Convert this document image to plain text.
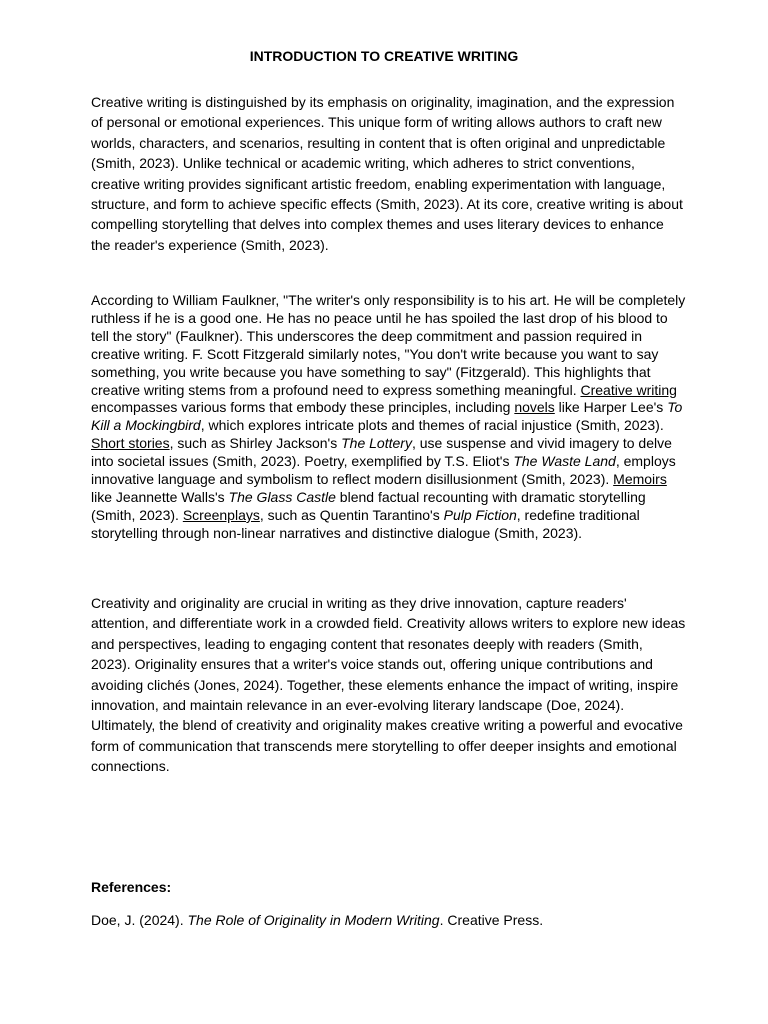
INTRODUCTION TO CREATIVE WRITING

Creative writing is distinguished by its emphasis on originality, imagination, and the expression of personal or emotional experiences. This unique form of writing allows authors to craft new worlds, characters, and scenarios, resulting in content that is often original and unpredictable (Smith, 2023). Unlike technical or academic writing, which adheres to strict conventions, creative writing provides significant artistic freedom, enabling experimentation with language, structure, and form to achieve specific effects (Smith, 2023). At its core, creative writing is about compelling storytelling that delves into complex themes and uses literary devices to enhance the reader's experience (Smith, 2023).

According to William Faulkner, "The writer's only responsibility is to his art. He will be completely ruthless if he is a good one. He has no peace until he has spoiled the last drop of his blood to tell the story" (Faulkner). This underscores the deep commitment and passion required in creative writing. F. Scott Fitzgerald similarly notes, "You don't write because you want to say something, you write because you have something to say" (Fitzgerald). This highlights that creative writing stems from a profound need to express something meaningful. Creative writing encompasses various forms that embody these principles, including novels like Harper Lee's To Kill a Mockingbird, which explores intricate plots and themes of racial injustice (Smith, 2023). Short stories, such as Shirley Jackson's The Lottery, use suspense and vivid imagery to delve into societal issues (Smith, 2023). Poetry, exemplified by T.S. Eliot's The Waste Land, employs innovative language and symbolism to reflect modern disillusionment (Smith, 2023). Memoirs like Jeannette Walls's The Glass Castle blend factual recounting with dramatic storytelling (Smith, 2023). Screenplays, such as Quentin Tarantino's Pulp Fiction, redefine traditional storytelling through non-linear narratives and distinctive dialogue (Smith, 2023).

Creativity and originality are crucial in writing as they drive innovation, capture readers' attention, and differentiate work in a crowded field. Creativity allows writers to explore new ideas and perspectives, leading to engaging content that resonates deeply with readers (Smith, 2023). Originality ensures that a writer's voice stands out, offering unique contributions and avoiding clichés (Jones, 2024). Together, these elements enhance the impact of writing, inspire innovation, and maintain relevance in an ever-evolving literary landscape (Doe, 2024). Ultimately, the blend of creativity and originality makes creative writing a powerful and evocative form of communication that transcends mere storytelling to offer deeper insights and emotional connections.

References:
Doe, J. (2024). The Role of Originality in Modern Writing. Creative Press.
